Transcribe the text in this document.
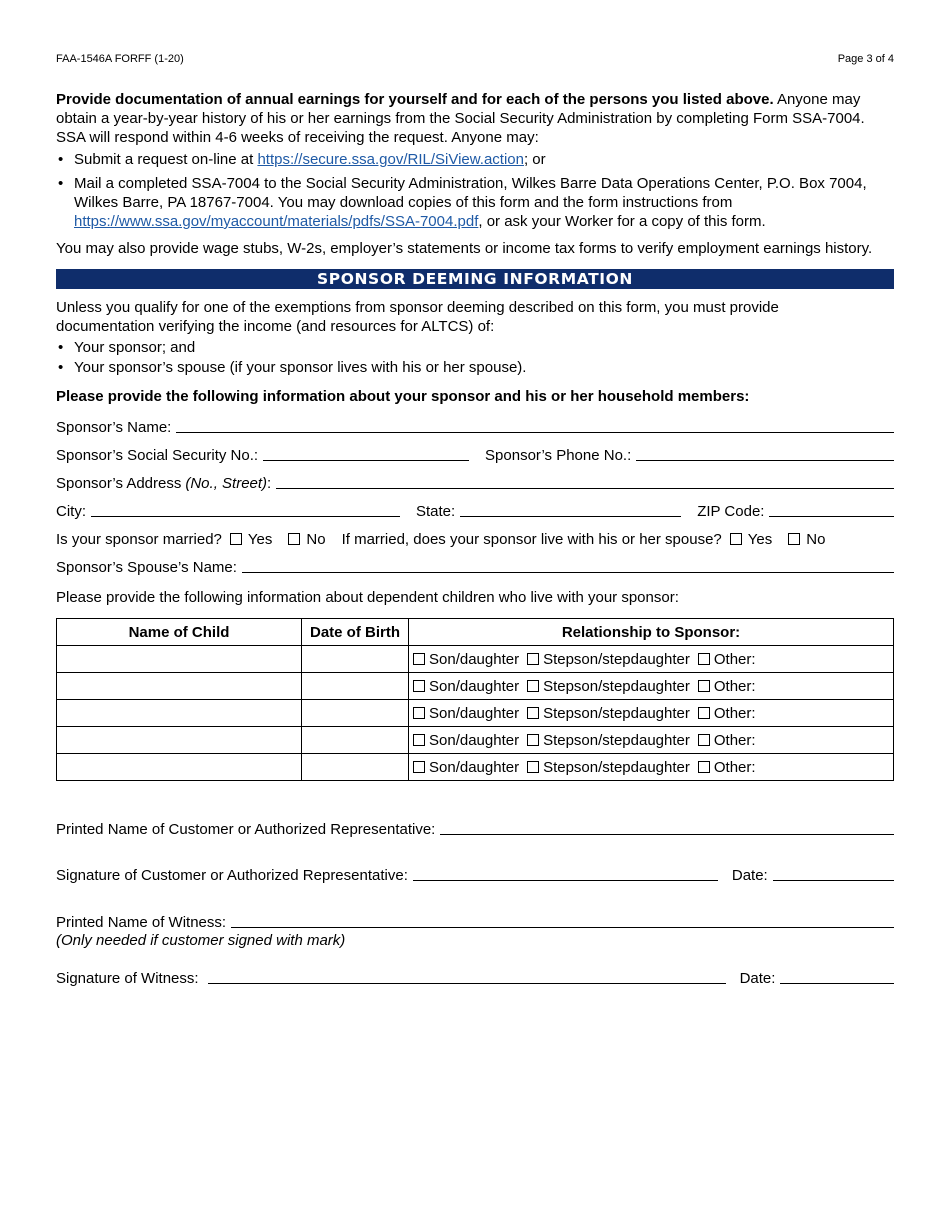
FAA-1546A FORFF (1-20)	Page 3 of 4

Provide documentation of annual earnings for yourself and for each of the persons you listed above. Anyone may obtain a year-by-year history of his or her earnings from the Social Security Administration by completing Form SSA-7004. SSA will respond within 4-6 weeks of receiving the request. Anyone may:

• Submit a request on-line at https://secure.ssa.gov/RIL/SiView.action; or
• Mail a completed SSA-7004 to the Social Security Administration, Wilkes Barre Data Operations Center, P.O. Box 7004, Wilkes Barre, PA 18767-7004. You may download copies of this form and the form instructions from https://www.ssa.gov/myaccount/materials/pdfs/SSA-7004.pdf, or ask your Worker for a copy of this form.

You may also provide wage stubs, W-2s, employer’s statements or income tax forms to verify employment earnings history.

SPONSOR DEEMING INFORMATION

Unless you qualify for one of the exemptions from sponsor deeming described on this form, you must provide documentation verifying the income (and resources for ALTCS) of:

• Your sponsor; and
• Your sponsor’s spouse (if your sponsor lives with his or her spouse).

Please provide the following information about your sponsor and his or her household members:

Sponsor’s Name:
Sponsor’s Social Security No.:	Sponsor’s Phone No.:
Sponsor’s Address (No., Street) :
City:	State:	ZIP Code:
Is your sponsor married?	Yes	No If married, does your sponsor live with his or her spouse?	Yes	No
Sponsor’s Spouse’s Name:

Please provide the following information about dependent children who live with your sponsor:

Name of Child	Date of Birth	Relationship to Sponsor:
		Son/daughter Stepson/stepdaughter Other:
		Son/daughter Stepson/stepdaughter Other:
		Son/daughter Stepson/stepdaughter Other:
		Son/daughter Stepson/stepdaughter Other:
		Son/daughter Stepson/stepdaughter Other:
Printed Name of Customer or Authorized Representative:
Signature of Customer or Authorized Representative:	Date:
Printed Name of Witness:

(Only needed if customer signed with mark)

Signature of Witness:	Date:
